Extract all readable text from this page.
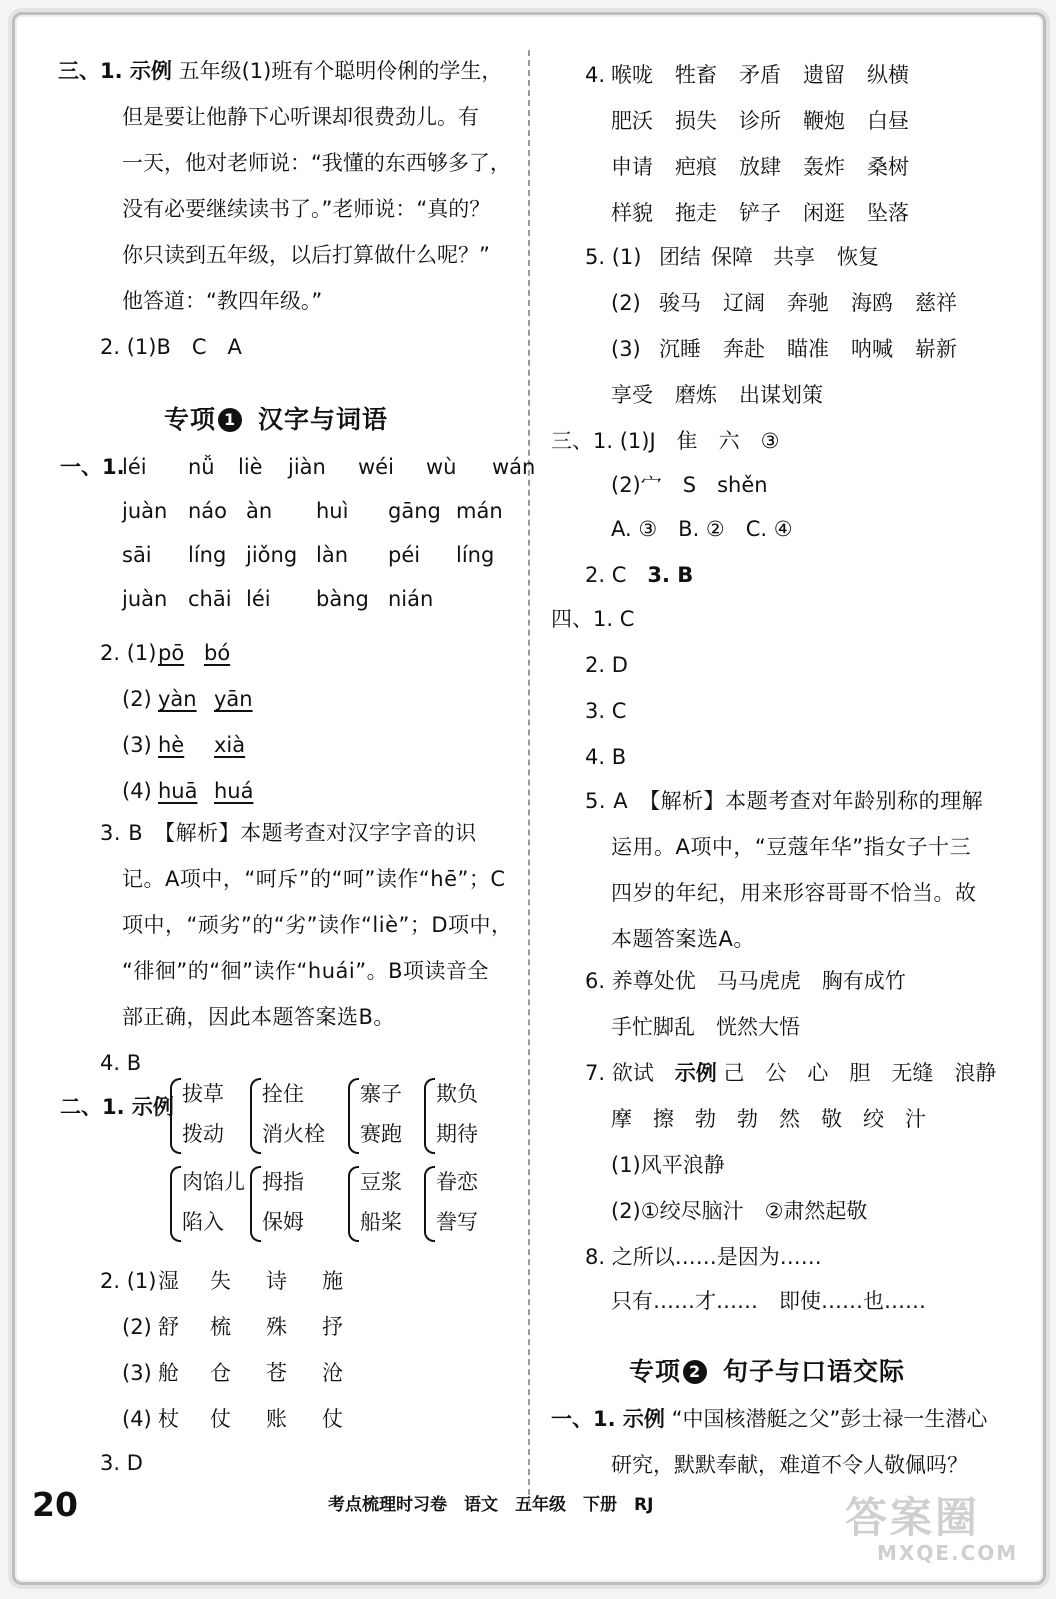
三、1. 示例 五年级(1)班有个聪明伶俐的学生，
但是要让他静下心听课却很费劲儿。有
一天，他对老师说：“我懂的东西够多了，
没有必要继续读书了。”老师说：“真的？
你只读到五年级，以后打算做什么呢？”
他答道：“教四年级。”
2. (1)B　C　A
专项 1 汉字与词语
一、1.
léi nǚ liè jiàn wéi wù wán
juàn náo àn huì gāng mán
sāi líng jiǒng làn péi líng
juàn chāi léi bàng nián
2. (1) pō bó
(2) yàn yān
(3) hè xià
(4) huā huá
3. B　【解析】本题考查对汉字字音的识
记。A项中，“呵斥”的“呵”读作“hē”；C
项中，“顽劣”的“劣”读作“liè”；D项中，
“徘徊”的“徊”读作“huái”。B项读音全
部正确，因此本题答案选B。
4. B
二、1. 示例
拔草
拨动
拴住
消火栓
寨子
赛跑
欺负
期待
肉馅儿
陷入
拇指
保姆
豆浆
船桨
眷恋
誊写
2. (1) 湿 失 诗 施
(2) 舒 梳 殊 抒
(3) 舱 仓 苍 沧
(4) 杖 仗 账 仗
3. D
4. 喉咙 牲畜 矛盾 遗留 纵横
肥沃 损失 诊所 鞭炮 白昼
申请 疤痕 放肆 轰炸 桑树
样貌 拖走 铲子 闲逛 坠落
5. (1) 团结 保障 共享 恢复
(2) 骏马 辽阔 奔驰 海鸥 慈祥
(3) 沉睡 奔赴 瞄准 呐喊 崭新
享受 磨炼 出谋划策
三、1. (1)J　隹　六　③
(2)宀　S　shěn
A. ③　B. ②　C. ④
2. C　3. B
四、1. C
2. D
3. C
4. B
5. A　【解析】本题考查对年龄别称的理解
运用。A项中，“豆蔻年华”指女子十三
四岁的年纪，用来形容哥哥不恰当。故
本题答案选A。
6. 养尊处优　马马虎虎　胸有成竹
手忙脚乱　恍然大悟
7. 欲试　示例 己　公　心　胆　无缝　浪静
摩　擦　勃　勃　然　敬　绞　汁
(1)风平浪静
(2)①绞尽脑汁　②肃然起敬
8. 之所以……是因为……
只有……才……　即使……也……
专项 2 句子与口语交际
一、1. 示例 “中国核潜艇之父”彭士禄一生潜心
研究，默默奉献，难道不令人敬佩吗？
20	考点梳理时习卷　语文　五年级　下册　RJ	答案圈
MXQE.COM
